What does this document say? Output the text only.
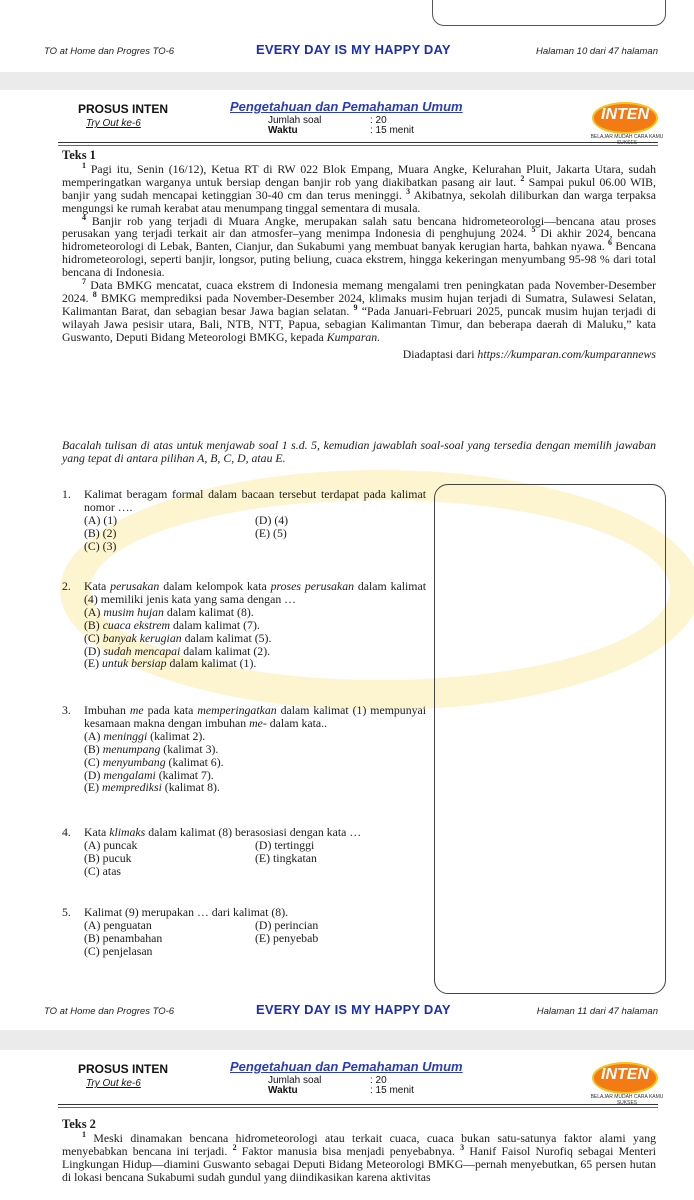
TO at Home dan Progres TO-6	EVERY DAY IS MY HAPPY DAY	Halaman 10 dari 47 halaman
PROSUS INTEN
Try Out ke-6
Pengetahuan dan Pemahaman Umum
Jumlah soal	: 20
Waktu	: 15 menit
INTEN
BELAJAR MUDAH CARA KAMU SUKSES
Teks 1

$^1$ Pagi itu, Senin (16/12), Ketua RT di RW 022 Blok Empang, Muara Angke, Kelurahan Pluit, Jakarta Utara, sudah memperingatkan warganya untuk bersiap dengan banjir rob yang diakibatkan pasang air laut. $^2$ Sampai pukul 06.00 WIB, banjir yang sudah mencapai ketinggian 30-40 cm dan terus meninggi. $^3$ Akibatnya, sekolah diliburkan dan warga terpaksa mengungsi ke rumah kerabat atau menumpang tinggal sementara di musala.

$^4$ Banjir rob yang terjadi di Muara Angke, merupakan salah satu bencana hidrometeorologi—bencana atau proses perusakan yang terjadi terkait air dan atmosfer–yang menimpa Indonesia di penghujung 2024. $^5$ Di akhir 2024, bencana hidrometeorologi di Lebak, Banten, Cianjur, dan Sukabumi yang membuat banyak kerugian harta, bahkan nyawa. $^6$ Bencana hidrometeorologi, seperti banjir, longsor, puting beliung, cuaca ekstrem, hingga kekeringan menyumbang 95-98 % dari total bencana di Indonesia.

$^7$ Data BMKG mencatat, cuaca ekstrem di Indonesia memang mengalami tren peningkatan pada November-Desember 2024. $^8$ BMKG memprediksi pada November-Desember 2024, klimaks musim hujan terjadi di Sumatra, Sulawesi Selatan, Kalimantan Barat, dan sebagian besar Jawa bagian selatan. $^9$ “Pada Januari-Februari 2025, puncak musim hujan terjadi di wilayah Jawa pesisir utara, Bali, NTB, NTT, Papua, sebagian Kalimantan Timur, dan beberapa daerah di Maluku,” kata Guswanto, Deputi Bidang Meteorologi BMKG, kepada Kumparan.

Diadaptasi dari https://kumparan.com/kumparannews
Bacalah tulisan di atas untuk menjawab soal 1 s.d. 5, kemudian jawablah soal-soal yang tersedia dengan memilih jawaban yang tepat di antara pilihan A, B, C, D, atau E.
1. Kalimat beragam formal dalam bacaan tersebut terdapat pada kalimat nomor ….
(A) (1)	(D) (4)
(B) (2)	(E) (5)
(C) (3)
2. Kata perusakan dalam kelompok kata proses perusakan dalam kalimat (4) memiliki jenis kata yang sama dengan …
(A) musim hujan dalam kalimat (8).
(B) cuaca ekstrem dalam kalimat (7).
(C) banyak kerugian dalam kalimat (5).
(D) sudah mencapai dalam kalimat (2).
(E) untuk bersiap dalam kalimat (1).
3. Imbuhan me pada kata memperingatkan dalam kalimat (1) mempunyai kesamaan makna dengan imbuhan me- dalam kata..
(A) meninggi (kalimat 2).
(B) menumpang (kalimat 3).
(C) menyumbang (kalimat 6).
(D) mengalami (kalimat 7).
(E) memprediksi (kalimat 8).
4. Kata klimaks dalam kalimat (8) berasosiasi dengan kata …
(A) puncak	(D) tertinggi
(B) pucuk	(E) tingkatan
(C) atas
5. Kalimat (9) merupakan … dari kalimat (8).
(A) penguatan	(D) perincian
(B) penambahan	(E) penyebab
(C) penjelasan
TO at Home dan Progres TO-6	EVERY DAY IS MY HAPPY DAY	Halaman 11 dari 47 halaman
PROSUS INTEN
Try Out ke-6
Pengetahuan dan Pemahaman Umum
Jumlah soal	: 20
Waktu	: 15 menit
INTEN
BELAJAR MUDAH CARA KAMU SUKSES
Teks 2

$^1$ Meski dinamakan bencana hidrometeorologi atau terkait cuaca, cuaca bukan satu-satunya faktor alami yang menyebabkan bencana ini terjadi. $^2$ Faktor manusia bisa menjadi penyebabnya. $^3$ Hanif Faisol Nurofiq sebagai Menteri Lingkungan Hidup—diamini Guswanto sebagai Deputi Bidang Meteorologi BMKG—pernah menyebutkan, 65 persen hutan di lokasi bencana Sukabumi sudah gundul yang diindikasikan karena aktivitas
